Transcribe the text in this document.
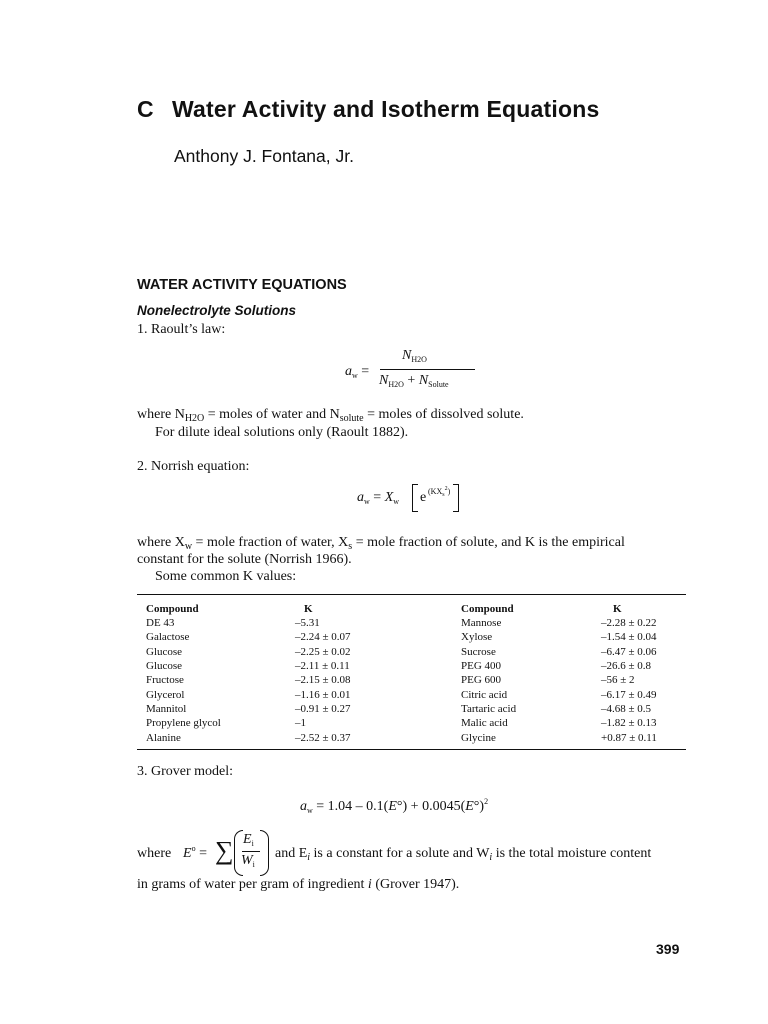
C Water Activity and Isotherm Equations
Anthony J. Fontana, Jr.
WATER ACTIVITY EQUATIONS
Nonelectrolyte Solutions
1. Raoult’s law:
$a_w$ =
$N_{H2O}$
$N_{H2O} + N_{Solute}$
where $N_{H2O}$ = moles of water and $N_{solute}$ = moles of dissolved solute.
For dilute ideal solutions only (Raoult 1882).
2. Norrish equation:
$a_w = X_w$ e $(KX_s^2)$
where $X_w$ = mole fraction of water, $X_s$ = mole fraction of solute, and K is the empirical
constant for the solute (Norrish 1966).
Some common K values:
Compound	K	Compound	K
DE 43	–5.31	Mannose	–2.28 ± 0.22
Galactose	–2.24 ± 0.07	Xylose	–1.54 ± 0.04
Glucose	–2.25 ± 0.02	Sucrose	–6.47 ± 0.06
Glucose	–2.11 ± 0.11	PEG 400	–26.6 ± 0.8
Fructose	–2.15 ± 0.08	PEG 600	–56 ± 2
Glycerol	–1.16 ± 0.01	Citric acid	–6.17 ± 0.49
Mannitol	–0.91 ± 0.27	Tartaric acid	–4.68 ± 0.5
Propylene glycol	–1	Malic acid	–1.82 ± 0.13
Alanine	–2.52 ± 0.37	Glycine	+0.87 ± 0.11
3. Grover model:
$a_w = 1.04 - 0.1(E^\circ) + 0.0045(E^\circ)^2$
where $E^o$ = ∑ $E_i$
$W_i$
and $E_i$ is a constant for a solute and $W_i$ is the total moisture content
in grams of water per gram of ingredient i (Grover 1947).
399
